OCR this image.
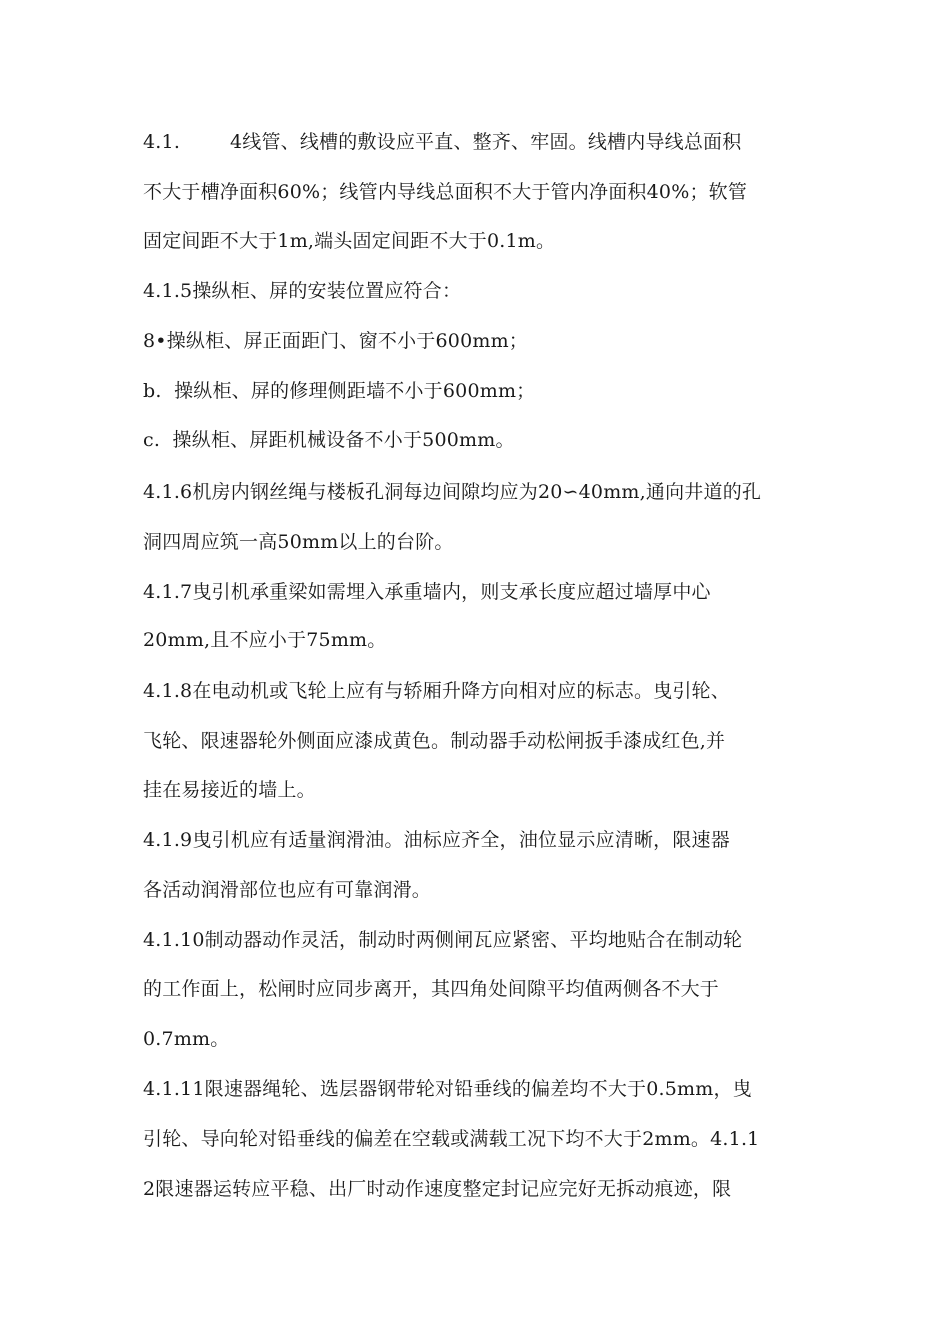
4.1.        4线管、线槽的敷设应平直、整齐、牢固。线槽内导线总面积
不大于槽净面积60%；线管内导线总面积不大于管内净面积40%；软管
固定间距不大于1m,端头固定间距不大于0.1m。
4.1.5操纵柜、屏的安装位置应符合：
8•操纵柜、屏正面距门、窗不小于600mm；
b.  操纵柜、屏的修理侧距墙不小于600mm；
c.  操纵柜、屏距机械设备不小于500mm。
4.1.6机房内钢丝绳与楼板孔洞每边间隙均应为20∽40mm,通向井道的孔
洞四周应筑一高50mm以上的台阶。
4.1.7曳引机承重梁如需埋入承重墙内，则支承长度应超过墙厚中心
20mm,且不应小于75mm。
4.1.8在电动机或飞轮上应有与轿厢升降方向相对应的标志。曳引轮、
飞轮、限速器轮外侧面应漆成黄色。制动器手动松闸扳手漆成红色,并
挂在易接近的墙上。
4.1.9曳引机应有适量润滑油。油标应齐全，油位显示应清晰，限速器
各活动润滑部位也应有可靠润滑。
4.1.10制动器动作灵活，制动时两侧闸瓦应紧密、平均地贴合在制动轮
的工作面上，松闸时应同步离开，其四角处间隙平均值两侧各不大于
0.7mm。
4.1.11限速器绳轮、选层器钢带轮对铅垂线的偏差均不大于0.5mm，曳
引轮、导向轮对铅垂线的偏差在空载或满载工况下均不大于2mm。4.1.1
2限速器运转应平稳、出厂时动作速度整定封记应完好无拆动痕迹，限
